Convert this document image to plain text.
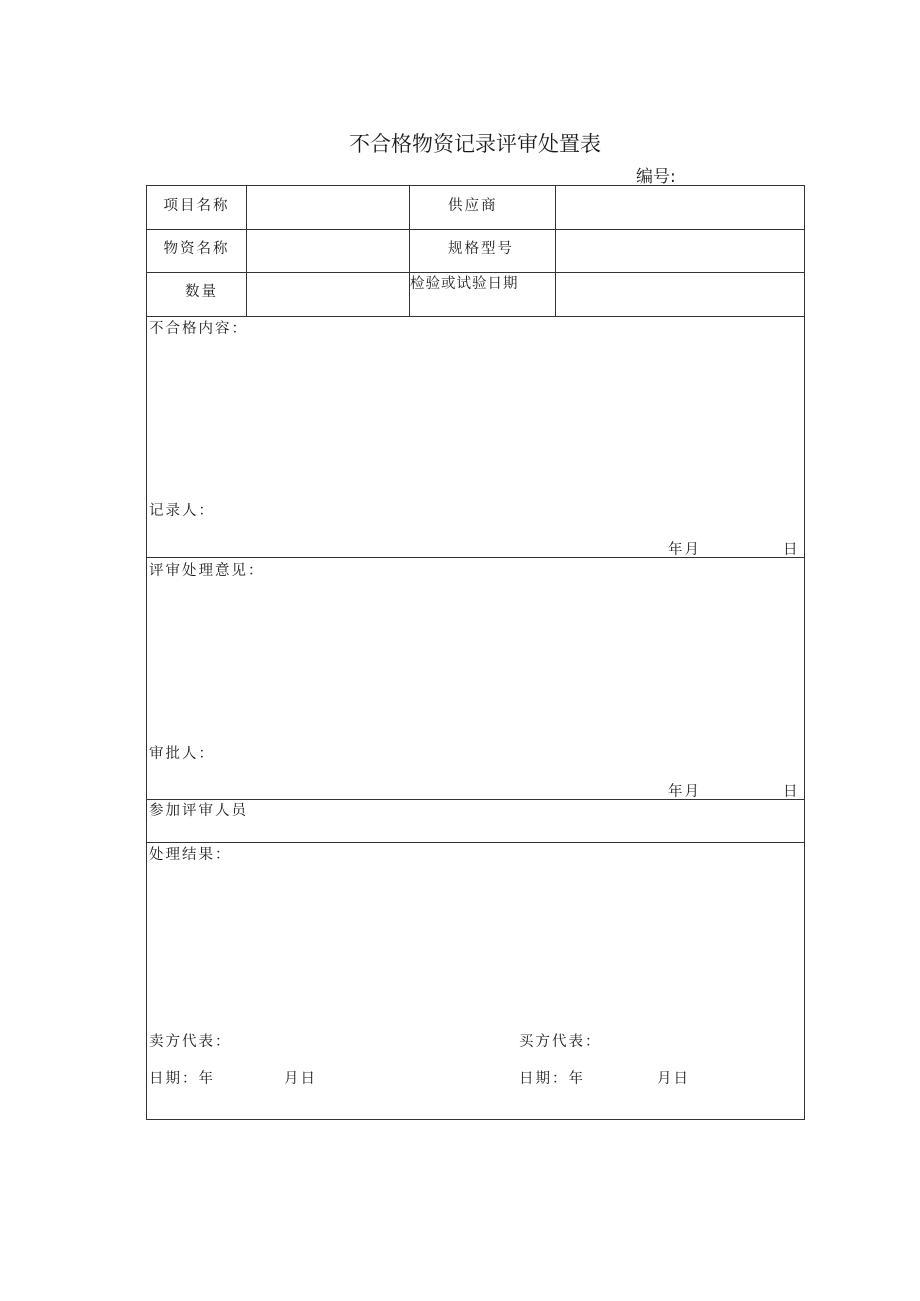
不合格物资记录评审处置表
编号:
项目名称	供应商
物资名称	规格型号
数量	检验或试验日期
不合格内容：
记录人：
年月	日
评审处理意见：
审批人：
年月	日
参加评审人员
处理结果：
卖方代表：	买方代表：
日期：年	月日	日期：年	月日
